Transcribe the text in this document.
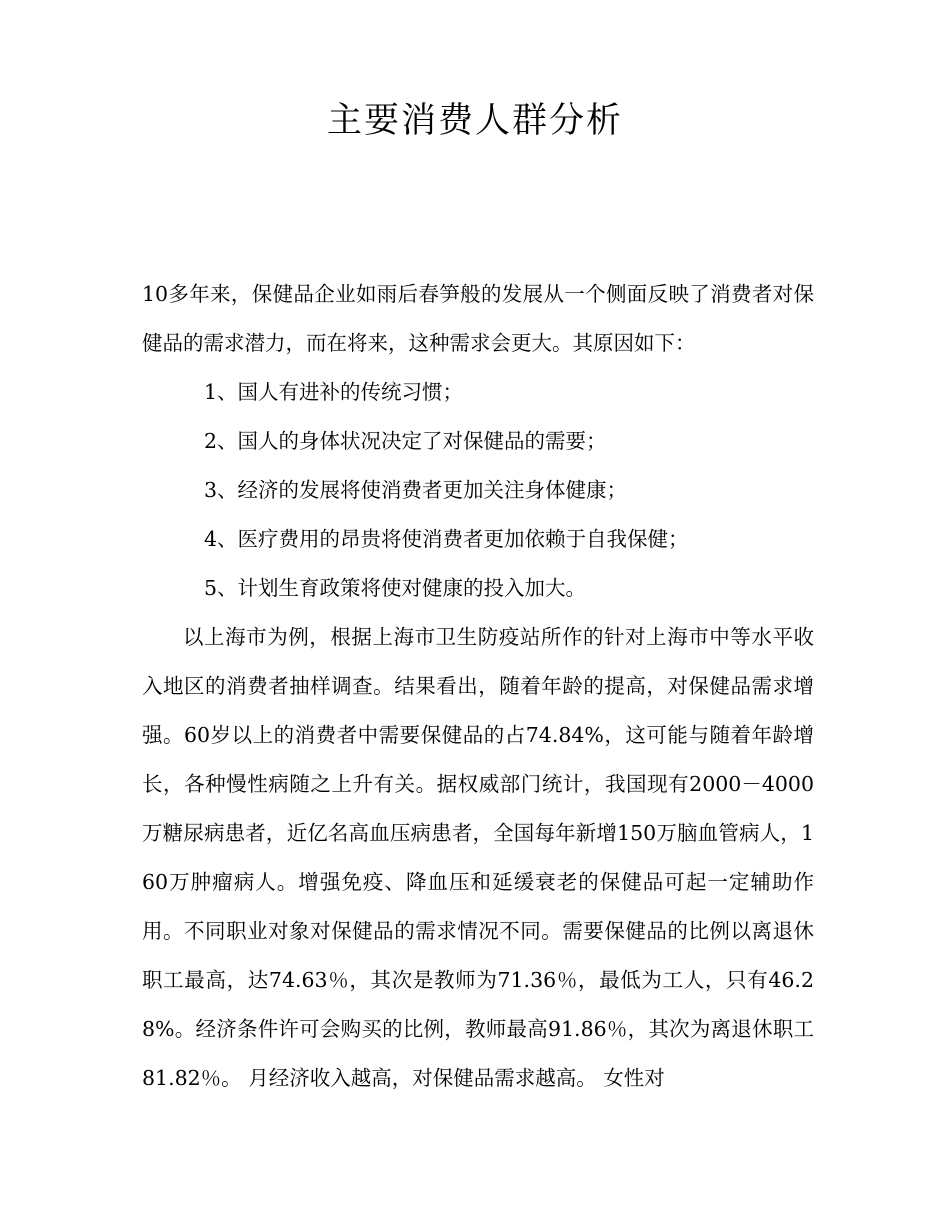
主要消费人群分析

10多年来，保健品企业如雨后春笋般的发展从一个侧面反映了消费者对保健品的需求潜力，而在将来，这种需求会更大。其原因如下：

1、国人有进补的传统习惯；

2、国人的身体状况决定了对保健品的需要；

3、经济的发展将使消费者更加关注身体健康；

4、医疗费用的昂贵将使消费者更加依赖于自我保健；

5、计划生育政策将使对健康的投入加大。

以上海市为例，根据上海市卫生防疫站所作的针对上海市中等水平收入地区的消费者抽样调查。结果看出，随着年龄的提高，对保健品需求增强。60岁以上的消费者中需要保健品的占74.84%，这可能与随着年龄增长，各种慢性病随之上升有关。据权威部门统计，我国现有2000－4000万糖尿病患者，近亿名高血压病患者，全国每年新增150万脑血管病人，160万肿瘤病人。增强免疫、降血压和延缓衰老的保健品可起一定辅助作用。不同职业对象对保健品的需求情况不同。需要保健品的比例以离退休职工最高，达74.63％，其次是教师为71.36％，最低为工人，只有46.28%。经济条件许可会购买的比例，教师最高91.86％，其次为离退休职工81.82％。 月经济收入越高，对保健品需求越高。 女性对
